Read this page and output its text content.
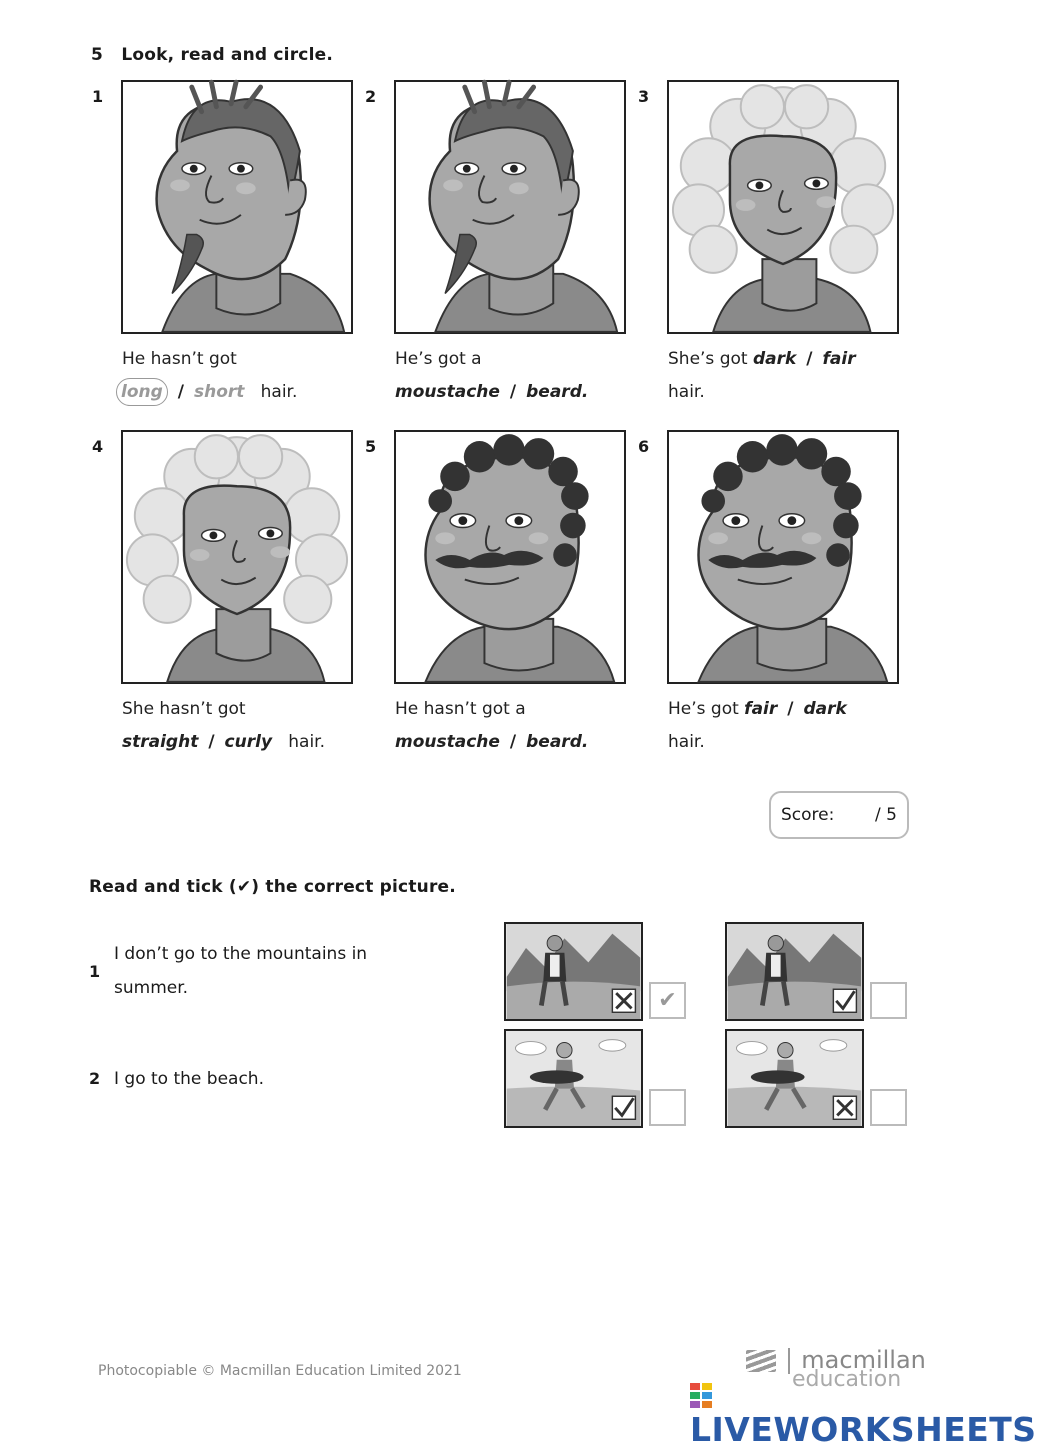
5 Look, read and circle.
1	2	3
He hasn’t got
long / short hair.
He’s got a
moustache / beard.
She’s got dark / fair
hair.
4	5	6
She hasn’t got
straight / curly hair.
He hasn’t got a
moustache / beard.
He’s got fair / dark
hair.
Score: / 5
Read and tick (✔) the correct picture.
1
I don’t go to the mountains in
summer.
2 I go to the beach.
✔
Photocopiable © Macmillan Education Limited 2021	macmillan
education
LIVEWORKSHEETS
